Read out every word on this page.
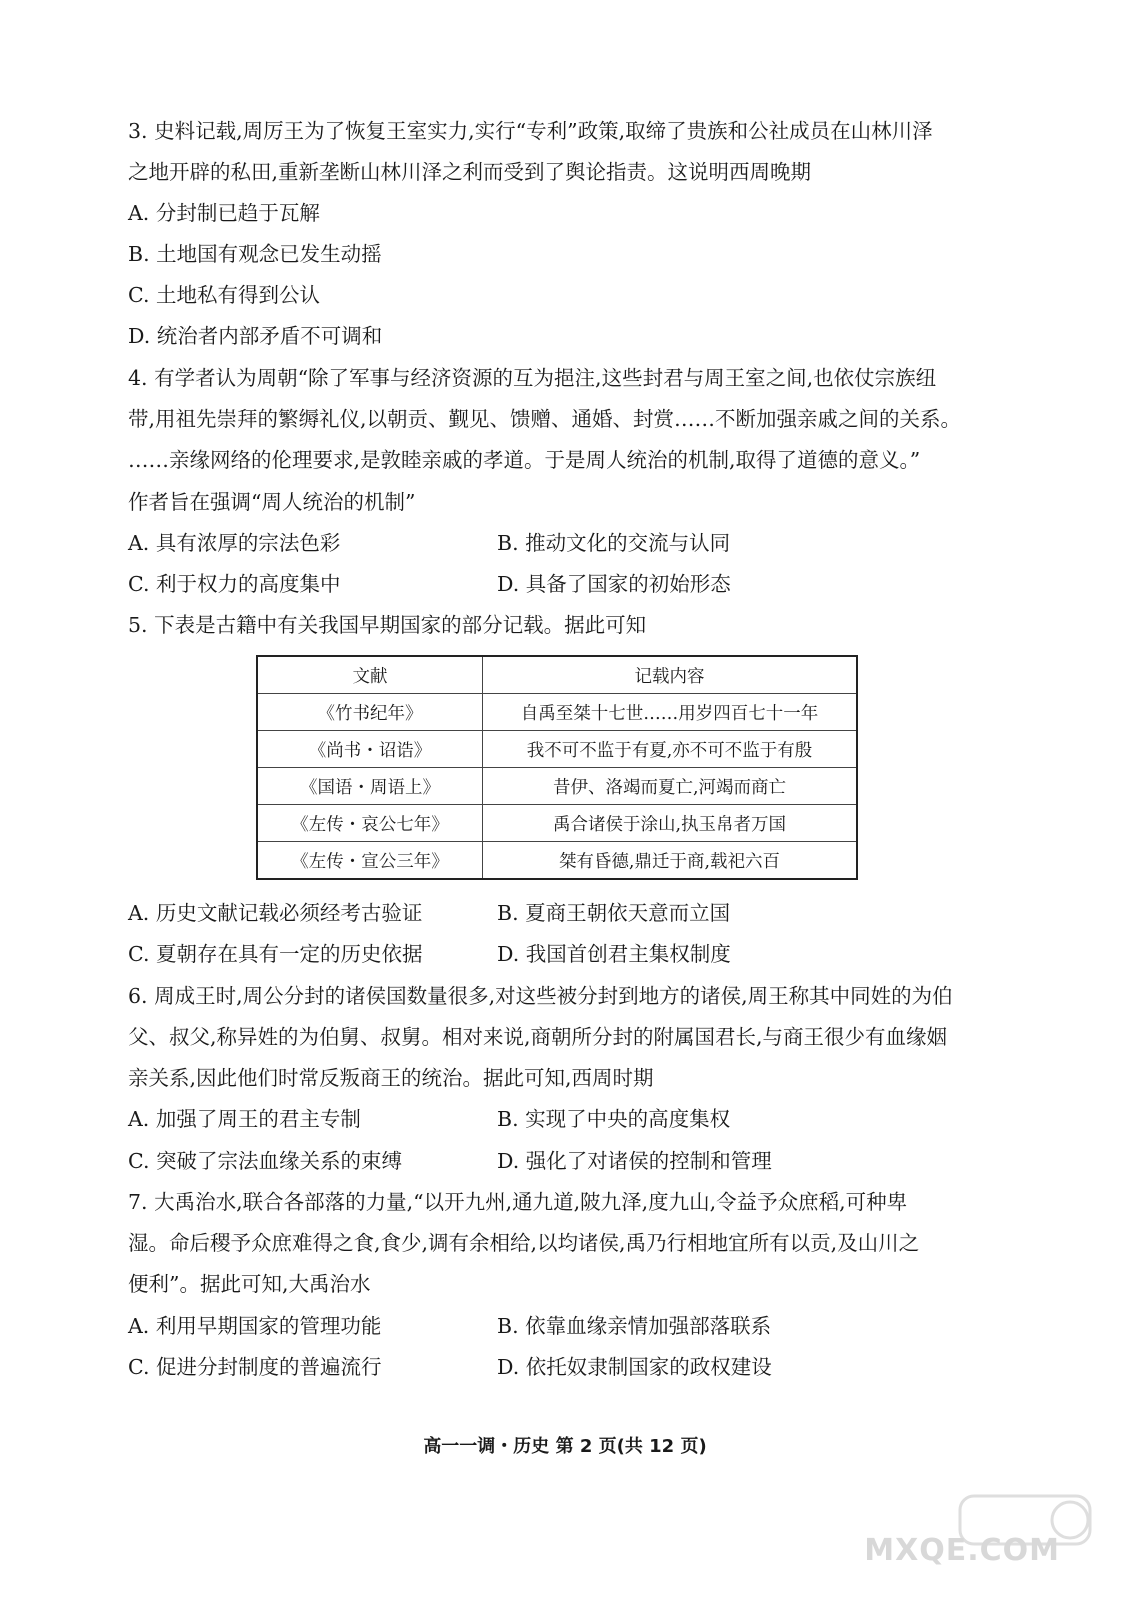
3. 史料记载,周厉王为了恢复王室实力,实行“专利”政策,取缔了贵族和公社成员在山林川泽
之地开辟的私田,重新垄断山林川泽之利而受到了舆论指责。这说明西周晚期
A. 分封制已趋于瓦解
B. 土地国有观念已发生动摇
C. 土地私有得到公认
D. 统治者内部矛盾不可调和
4. 有学者认为周朝“除了军事与经济资源的互为挹注,这些封君与周王室之间,也依仗宗族纽
带,用祖先崇拜的繁缛礼仪,以朝贡、觐见、馈赠、通婚、封赏……不断加强亲戚之间的关系。
……亲缘网络的伦理要求,是敦睦亲戚的孝道。于是周人统治的机制,取得了道德的意义。”
作者旨在强调“周人统治的机制”
A. 具有浓厚的宗法色彩	B. 推动文化的交流与认同
C. 利于权力的高度集中	D. 具备了国家的初始形态
5. 下表是古籍中有关我国早期国家的部分记载。据此可知
文献	记载内容
《竹书纪年》	自禹至桀十七世……用岁四百七十一年
《尚书・诏诰》	我不可不监于有夏,亦不可不监于有殷
《国语・周语上》	昔伊、洛竭而夏亡,河竭而商亡
《左传・哀公七年》	禹合诸侯于涂山,执玉帛者万国
《左传・宣公三年》	桀有昏德,鼎迁于商,载祀六百
A. 历史文献记载必须经考古验证	B. 夏商王朝依天意而立国
C. 夏朝存在具有一定的历史依据	D. 我国首创君主集权制度
6. 周成王时,周公分封的诸侯国数量很多,对这些被分封到地方的诸侯,周王称其中同姓的为伯
父、叔父,称异姓的为伯舅、叔舅。相对来说,商朝所分封的附属国君长,与商王很少有血缘姻
亲关系,因此他们时常反叛商王的统治。据此可知,西周时期
A. 加强了周王的君主专制	B. 实现了中央的高度集权
C. 突破了宗法血缘关系的束缚	D. 强化了对诸侯的控制和管理
7. 大禹治水,联合各部落的力量,“以开九州,通九道,陂九泽,度九山,令益予众庶稻,可种卑
湿。命后稷予众庶难得之食,食少,调有余相给,以均诸侯,禹乃行相地宜所有以贡,及山川之
便利”。据此可知,大禹治水
A. 利用早期国家的管理功能	B. 依靠血缘亲情加强部落联系
C. 促进分封制度的普遍流行	D. 依托奴隶制国家的政权建设
高一一调・历史 第 2 页(共 12 页)
MXQE.COM
